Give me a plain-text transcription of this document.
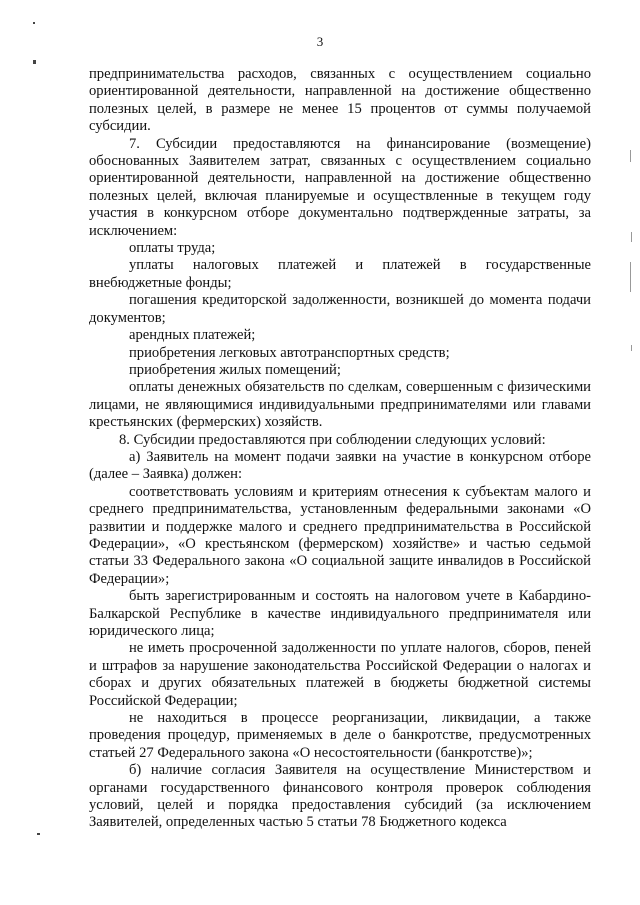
3

предпринимательства расходов, связанных с осуществлением социально ориентированной деятельности, направленной на достижение общественно полезных целей, в размере не менее 15 процентов от суммы получаемой субсидии.

7. Субсидии предоставляются на финансирование (возмещение) обоснованных Заявителем затрат, связанных с осуществлением социально ориентированной деятельности, направленной на достижение общественно полезных целей, включая планируемые и осуществленные в текущем году участия в конкурсном отборе документально подтвержденные затраты, за исключением:

оплаты труда;

уплаты налоговых платежей и платежей в государственные внебюджетные фонды;

погашения кредиторской задолженности, возникшей до момента подачи документов;

арендных платежей;

приобретения легковых автотранспортных средств;

приобретения жилых помещений;

оплаты денежных обязательств по сделкам, совершенным с физическими лицами, не являющимися индивидуальными предпринимателями или главами крестьянских (фермерских) хозяйств.

8. Субсидии предоставляются при соблюдении следующих условий:

а) Заявитель на момент подачи заявки на участие в конкурсном отборе (далее – Заявка) должен:

соответствовать условиям и критериям отнесения к субъектам малого и среднего предпринимательства, установленным федеральными законами «О развитии и поддержке малого и среднего предпринимательства в Российской Федерации», «О крестьянском (фермерском) хозяйстве» и частью седьмой статьи 33 Федерального закона «О социальной защите инвалидов в Российской Федерации»;

быть зарегистрированным и состоять на налоговом учете в Кабардино-Балкарской Республике в качестве индивидуального предпринимателя или юридического лица;

не иметь просроченной задолженности по уплате налогов, сборов, пеней и штрафов за нарушение законодательства Российской Федерации о налогах и сборах и других обязательных платежей в бюджеты бюджетной системы Российской Федерации;

не находиться в процессе реорганизации, ликвидации, а также проведения процедур, применяемых в деле о банкротстве, предусмотренных статьей 27 Федерального закона «О несостоятельности (банкротстве)»;

б) наличие согласия Заявителя на осуществление Министерством и органами государственного финансового контроля проверок соблюдения условий, целей и порядка предоставления субсидий (за исключением Заявителей, определенных частью 5 статьи 78 Бюджетного кодекса
